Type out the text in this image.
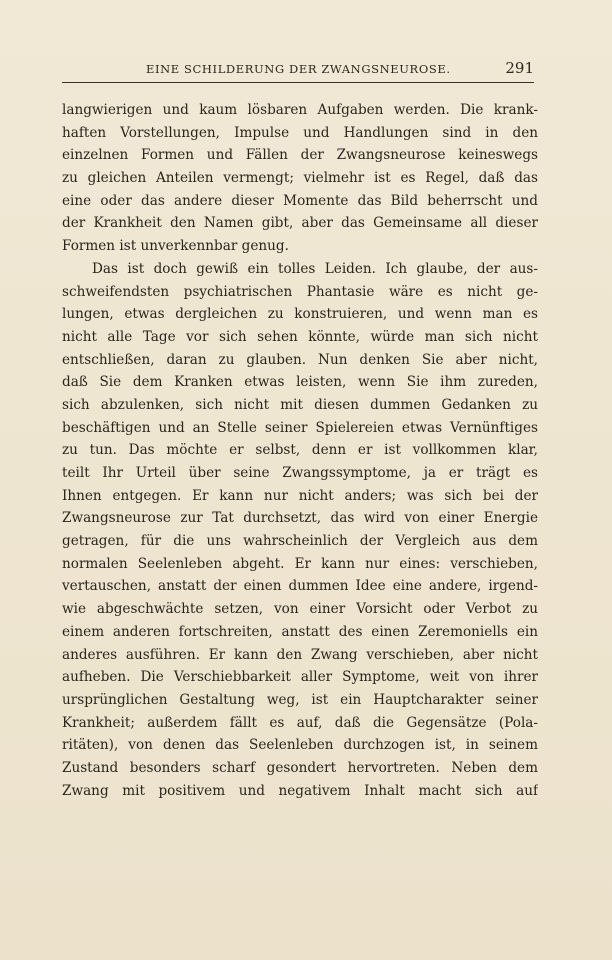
EINE SCHILDERUNG DER ZWANGSNEUROSE.	291
langwierigen und kaum lösbaren Aufgaben werden. Die krank-
haften Vorstellungen, Impulse und Handlungen sind in den
einzelnen Formen und Fällen der Zwangsneurose keineswegs
zu gleichen Anteilen vermengt; vielmehr ist es Regel, daß das
eine oder das andere dieser Momente das Bild beherrscht und
der Krankheit den Namen gibt, aber das Gemeinsame all dieser
Formen ist unverkennbar genug.
Das ist doch gewiß ein tolles Leiden. Ich glaube, der aus-
schweifendsten psychiatrischen Phantasie wäre es nicht ge-
lungen, etwas dergleichen zu konstruieren, und wenn man es
nicht alle Tage vor sich sehen könnte, würde man sich nicht
entschließen, daran zu glauben. Nun denken Sie aber nicht,
daß Sie dem Kranken etwas leisten, wenn Sie ihm zureden,
sich abzulenken, sich nicht mit diesen dummen Gedanken zu
beschäftigen und an Stelle seiner Spielereien etwas Vernünftiges
zu tun. Das möchte er selbst, denn er ist vollkommen klar,
teilt Ihr Urteil über seine Zwangssymptome, ja er trägt es
Ihnen entgegen. Er kann nur nicht anders; was sich bei der
Zwangsneurose zur Tat durchsetzt, das wird von einer Energie
getragen, für die uns wahrscheinlich der Vergleich aus dem
normalen Seelenleben abgeht. Er kann nur eines: verschieben,
vertauschen, anstatt der einen dummen Idee eine andere, irgend-
wie abgeschwächte setzen, von einer Vorsicht oder Verbot zu
einem anderen fortschreiten, anstatt des einen Zeremoniells ein
anderes ausführen. Er kann den Zwang verschieben, aber nicht
aufheben. Die Verschiebbarkeit aller Symptome, weit von ihrer
ursprünglichen Gestaltung weg, ist ein Hauptcharakter seiner
Krankheit; außerdem fällt es auf, daß die Gegensätze (Pola-
ritäten), von denen das Seelenleben durchzogen ist, in seinem
Zustand besonders scharf gesondert hervortreten. Neben dem
Zwang mit positivem und negativem Inhalt macht sich auf
